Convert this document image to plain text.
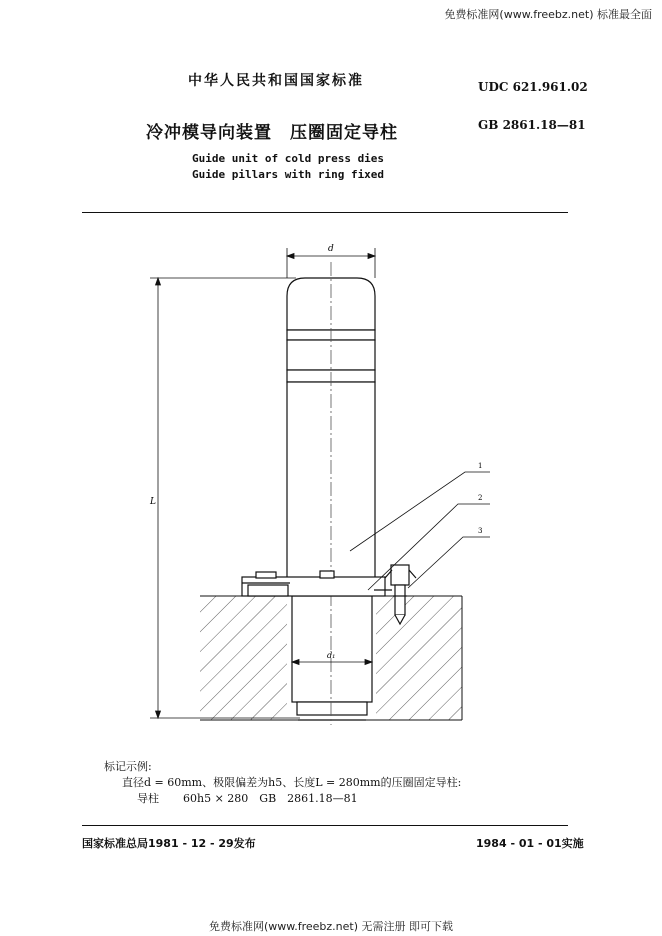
免费标准网(www.freebz.net) 标准最全面
中华人民共和国国家标准	UDC 621.961.02
冷冲模导向装置　压圈固定导柱	GB 2861.18—81
Guide unit of cold press dies
Guide pillars with ring fixed
d
d₁
L
1
2
3
标记示例:
直径d = 60mm、极限偏差为h5、长度L = 280mm的压圈固定导柱:
导柱 60h5 × 280　GB　2861.18—81
国家标准总局1981 - 12 - 29发布	1984 - 01 - 01实施
免费标准网(www.freebz.net) 无需注册 即可下载
